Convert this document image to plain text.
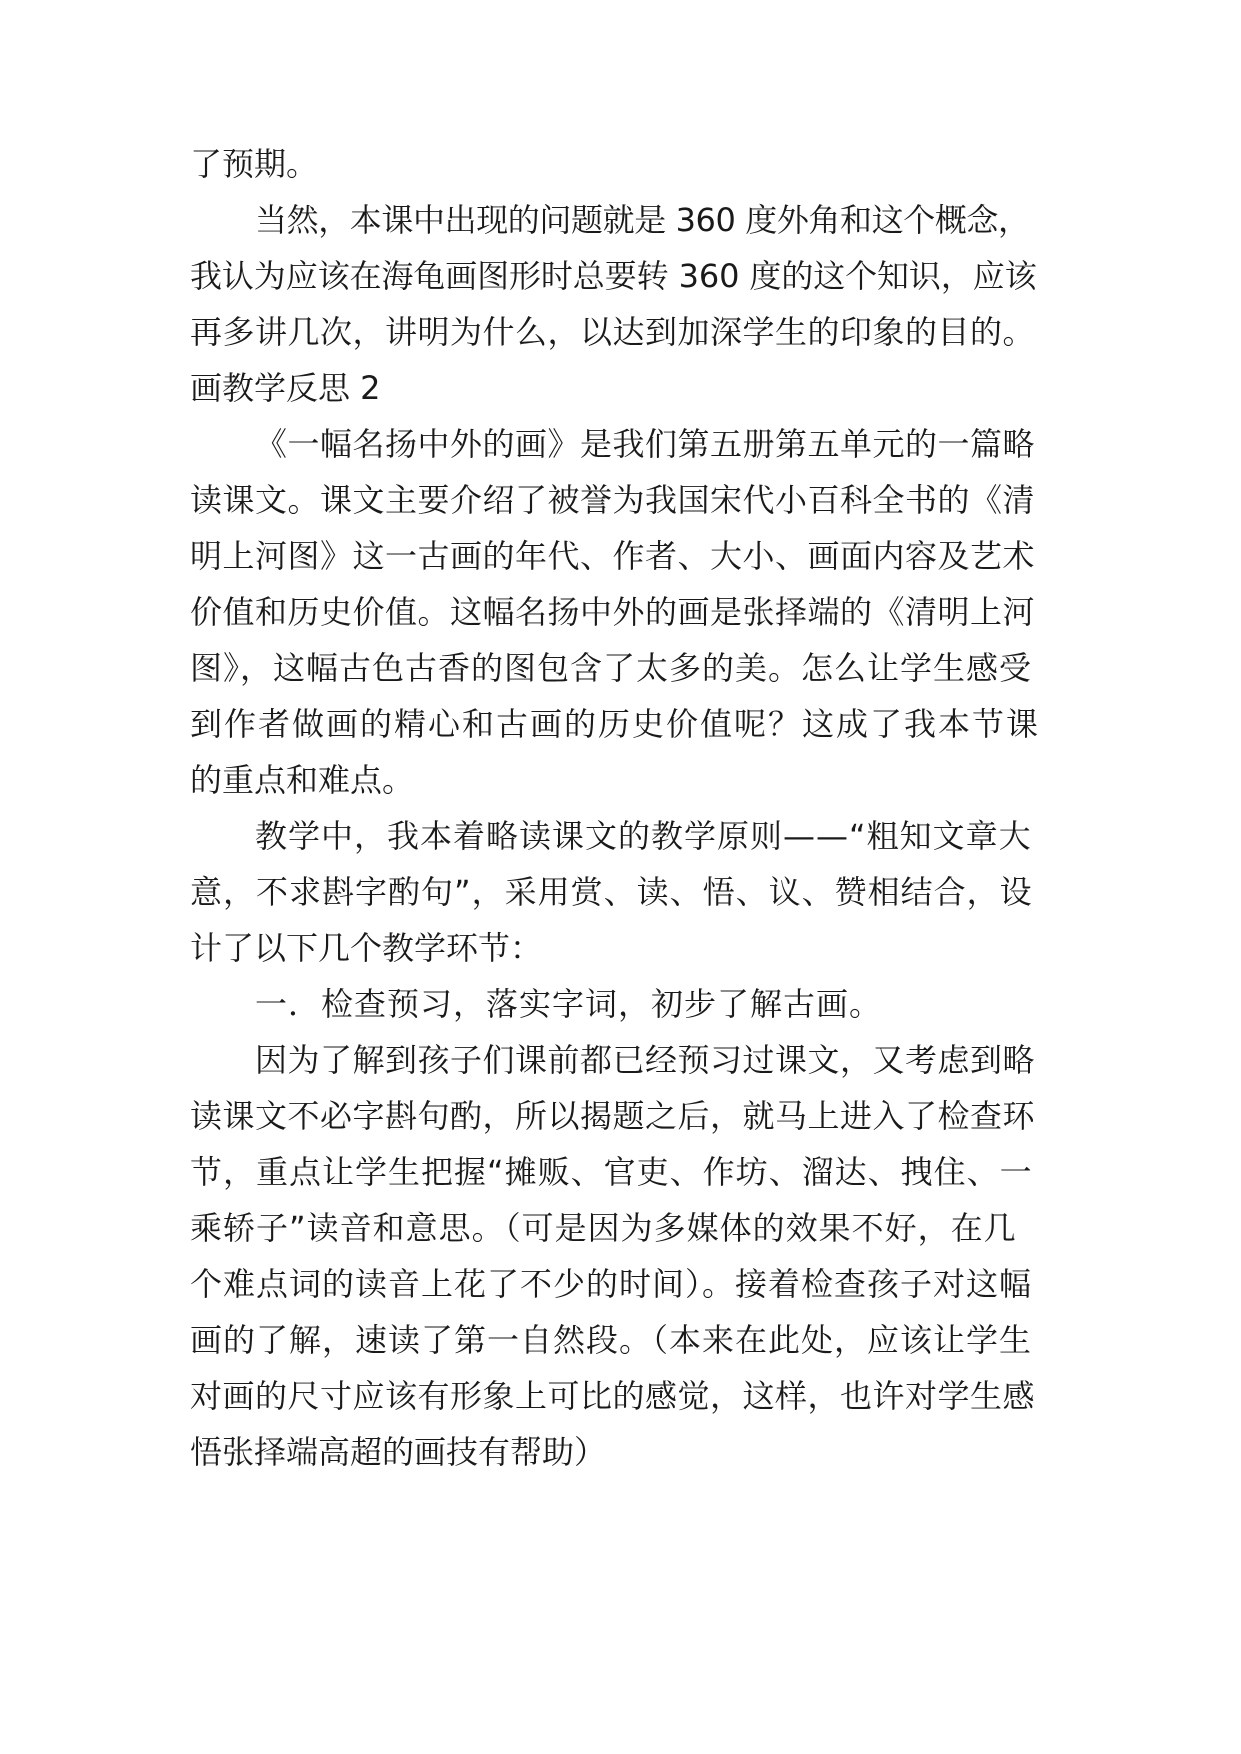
了预期。
当然，本课中出现的问题就是 360 度外角和这个概念，
我认为应该在海龟画图形时总要转 360 度的这个知识，应该
再多讲几次，讲明为什么，以达到加深学生的印象的目的。
画教学反思 2
《一幅名扬中外的画》是我们第五册第五单元的一篇略
读课文。课文主要介绍了被誉为我国宋代小百科全书的《清
明上河图》这一古画的年代、作者、大小、画面内容及艺术
价值和历史价值。这幅名扬中外的画是张择端的《清明上河
图》，这幅古色古香的图包含了太多的美。怎么让学生感受
到作者做画的精心和古画的历史价值呢？这成了我本节课
的重点和难点。
教学中，我本着略读课文的教学原则——“粗知文章大
意，不求斟字酌句”，采用赏、读、悟、议、赞相结合，设
计了以下几个教学环节：
一．检查预习，落实字词，初步了解古画。
因为了解到孩子们课前都已经预习过课文，又考虑到略
读课文不必字斟句酌，所以揭题之后，就马上进入了检查环
节，重点让学生把握“摊贩、官吏、作坊、溜达、拽住、一
乘轿子”读音和意思。（可是因为多媒体的效果不好，在几
个难点词的读音上花了不少的时间）。接着检查孩子对这幅
画的了解，速读了第一自然段。（本来在此处，应该让学生
对画的尺寸应该有形象上可比的感觉，这样，也许对学生感
悟张择端高超的画技有帮助）
